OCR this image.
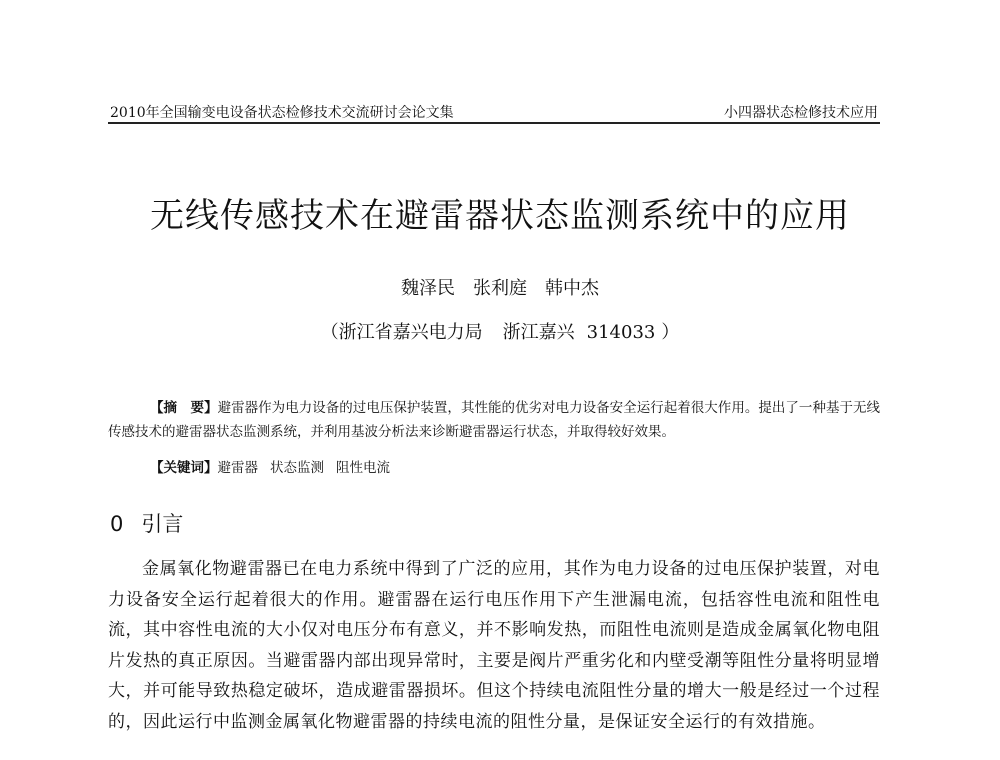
2010年全国输变电设备状态检修技术交流研讨会论文集	小四器状态检修技术应用
无线传感技术在避雷器状态监测系统中的应用
魏泽民 张利庭 韩中杰
（浙江省嘉兴电力局 浙江嘉兴 314033 ）
【摘　要】避雷器作为电力设备的过电压保护装置，其性能的优劣对电力设备安全运行起着很大作用。提出了一种基于无线传感技术的避雷器状态监测系统，并利用基波分析法来诊断避雷器运行状态，并取得较好效果。
【关键词】避雷器 状态监测 阻性电流
0 引言
金属氧化物避雷器已在电力系统中得到了广泛的应用，其作为电力设备的过电压保护装置，对电力设备安全运行起着很大的作用。避雷器在运行电压作用下产生泄漏电流，包括容性电流和阻性电流，其中容性电流的大小仅对电压分布有意义，并不影响发热，而阻性电流则是造成金属氧化物电阻片发热的真正原因。当避雷器内部出现异常时，主要是阀片严重劣化和内壁受潮等阻性分量将明显增大，并可能导致热稳定破坏，造成避雷器损坏。但这个持续电流阻性分量的增大一般是经过一个过程的，因此运行中监测金属氧化物避雷器的持续电流的阻性分量，是保证安全运行的有效措施。
